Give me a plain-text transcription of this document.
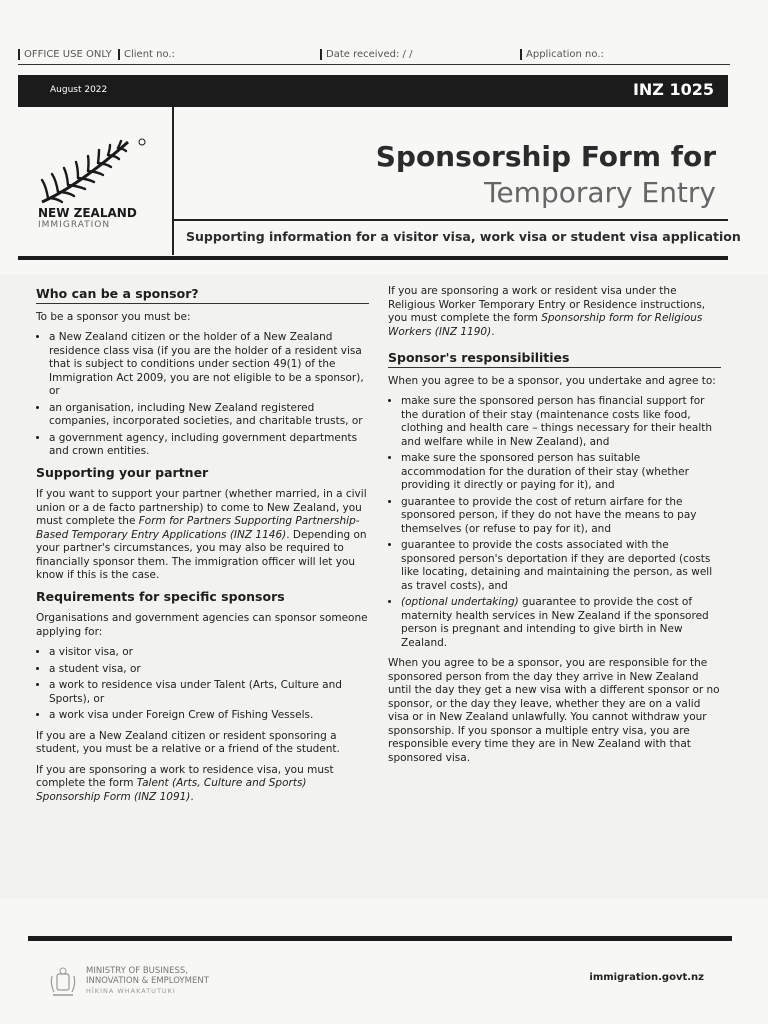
OFFICE USE ONLY	Client no.:	Date received: / /	Application no.:
August 2022	INZ 1025
NEW ZEALAND
IMMIGRATION
Sponsorship Form for
Temporary Entry
Supporting information for a visitor visa, work visa or student visa application
Who can be a sponsor?

To be a sponsor you must be:

• a New Zealand citizen or the holder of a New Zealand residence class visa (if you are the holder of a resident visa that is subject to conditions under section 49(1) of the Immigration Act 2009, you are not eligible to be a sponsor), or
• an organisation, including New Zealand registered companies, incorporated societies, and charitable trusts, or
• a government agency, including government departments and crown entities.
Supporting your partner

If you want to support your partner (whether married, in a civil union or a de facto partnership) to come to New Zealand, you must complete the Form for Partners Supporting Partnership-Based Temporary Entry Applications (INZ 1146). Depending on your partner's circumstances, you may also be required to financially sponsor them. The immigration officer will let you know if this is the case.

Requirements for specific sponsors

Organisations and government agencies can sponsor someone applying for:

• a visitor visa, or
• a student visa, or
• a work to residence visa under Talent (Arts, Culture and Sports), or
• a work visa under Foreign Crew of Fishing Vessels.

If you are a New Zealand citizen or resident sponsoring a student, you must be a relative or a friend of the student.

If you are sponsoring a work to residence visa, you must complete the form Talent (Arts, Culture and Sports) Sponsorship Form (INZ 1091).

If you are sponsoring a work or resident visa under the Religious Worker Temporary Entry or Residence instructions, you must complete the form Sponsorship form for Religious Workers (INZ 1190).

Sponsor's responsibilities

When you agree to be a sponsor, you undertake and agree to:

• make sure the sponsored person has financial support for the duration of their stay (maintenance costs like food, clothing and health care – things necessary for their health and welfare while in New Zealand), and
• make sure the sponsored person has suitable accommodation for the duration of their stay (whether providing it directly or paying for it), and
• guarantee to provide the cost of return airfare for the sponsored person, if they do not have the means to pay themselves (or refuse to pay for it), and
• guarantee to provide the costs associated with the sponsored person's deportation if they are deported (costs like locating, detaining and maintaining the person, as well as travel costs), and
• (optional undertaking) guarantee to provide the cost of maternity health services in New Zealand if the sponsored person is pregnant and intending to give birth in New Zealand.

When you agree to be a sponsor, you are responsible for the sponsored person from the day they arrive in New Zealand until the day they get a new visa with a different sponsor or no sponsor, or the day they leave, whether they are on a valid visa or in New Zealand unlawfully. You cannot withdraw your sponsorship. If you sponsor a multiple entry visa, you are responsible every time they are in New Zealand with that sponsored visa.

MINISTRY OF BUSINESS,
INNOVATION & EMPLOYMENT
HĪKINA WHAKATUTUKI
immigration.govt.nz
